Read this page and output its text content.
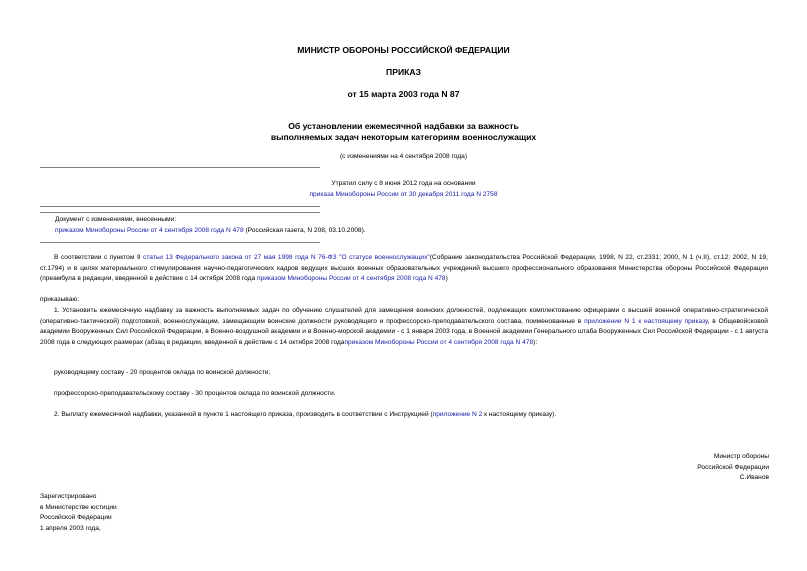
МИНИСТР ОБОРОНЫ РОССИЙСКОЙ ФЕДЕРАЦИИ
ПРИКАЗ
от 15 марта 2003 года N 87
Об установлении ежемесячной надбавки за важность
выполняемых задач некоторым категориям военнослужащих
(с изменениями на 4 сентября 2008 года)
Утратил силу с 8 июня 2012 года на основании
приказа Минобороны России от 30 декабря 2011 года N 2758
Документ с изменениями, внесенными:
приказом Минобороны России от 4 сентября 2008 года N 478 (Российская газета, N 208, 03.10.2008).
В соответствии с пунктом 9 статьи 13 Федерального закона от 27 мая 1998 года N 76-ФЗ "О статусе военнослужащих"(Собрание законодательства Российской Федерации, 1998, N 22, ст.2331; 2000, N 1 (ч.II), ст.12; 2002, N 19, ст.1794) и в целях материального стимулирования научно-педагогических кадров ведущих высших военных образовательных учреждений высшего профессионального образования Министерства обороны Российской Федерации (преамбула в редакции, введенной в действие с 14 октября 2008 года приказом Минобороны России от 4 сентября 2008 года N 478)
приказываю:
1. Установить ежемесячную надбавку за важность выполняемых задач по обучению слушателей для замещения воинских должностей, подлежащих комплектованию офицерами с высшей военной оперативно-стратегической (оперативно-тактической) подготовкой, военнослужащим, замещающим воинские должности руководящего и профессорско-преподавательского состава, поименованные в приложении N 1 к настоящему приказу, в Общевойсковой академии Вооруженных Сил Российской Федерации, в Военно-воздушной академии и в Военно-морской академии - с 1 января 2003 года, в Военной академии Генерального штаба Вооруженных Сил Российской Федерации - с 1 августа 2008 года в следующих размерах (абзац в редакции, введенной в действие с 14 октября 2008 годаприказом Минобороны России от 4 сентября 2008 года N 478):
руководящему составу - 20 процентов оклада по воинской должности;
профессорско-преподавательскому составу - 30 процентов оклада по воинской должности.
2. Выплату ежемесячной надбавки, указанной в пункте 1 настоящего приказа, производить в соответствии с Инструкцией (приложение N 2 к настоящему приказу).
Министр обороны
Российской Федерации
С.Иванов
Зарегистрировано
в Министерстве юстиции
Российской Федерации
1 апреля 2003 года,
